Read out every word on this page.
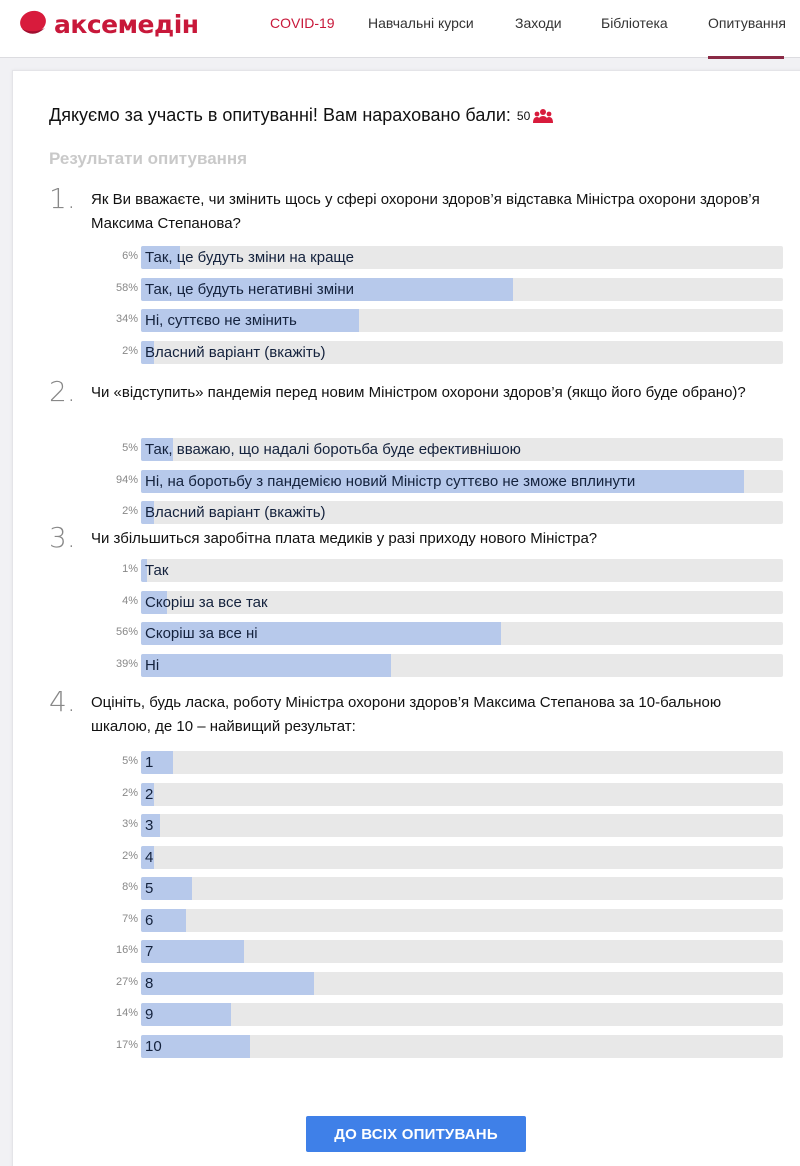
аксемедін	COVID-19 Навчальні курси	Заходи	Бібліотека	Опитування
Дякуємо за участь в опитуванні! Вам нараховано бали: 50
Результати опитування
1. Як Ви вважаєте, чи змінить щось у сфері охорони здоров’я відставка Міністра охорони здоров’я Максима Степанова?
6% Так, це будуть зміни на краще
58% Так, це будуть негативні зміни
34% Ні, суттєво не змінить
2% Власний варіант (вкажіть)
2. Чи «відступить» пандемія перед новим Міністром охорони здоров’я (якщо його буде обрано)?
5% Так, вважаю, що надалі боротьба буде ефективнішою
94% Ні, на боротьбу з пандемією новий Міністр суттєво не зможе вплинути
2% Власний варіант (вкажіть)
3. Чи збільшиться заробітна плата медиків у разі приходу нового Міністра?
1% Так
4% Скоріш за все так
56% Скоріш за все ні
39% Ні
4. Оцініть, будь ласка, роботу Міністра охорони здоров’я Максима Степанова за 10-бальною шкалою, де 10 – найвищий результат:
5% 1
2% 2
3% 3
2% 4
8% 5
7% 6
16% 7
27% 8
14% 9
17% 10
ДО ВСІХ ОПИТУВАНЬ
